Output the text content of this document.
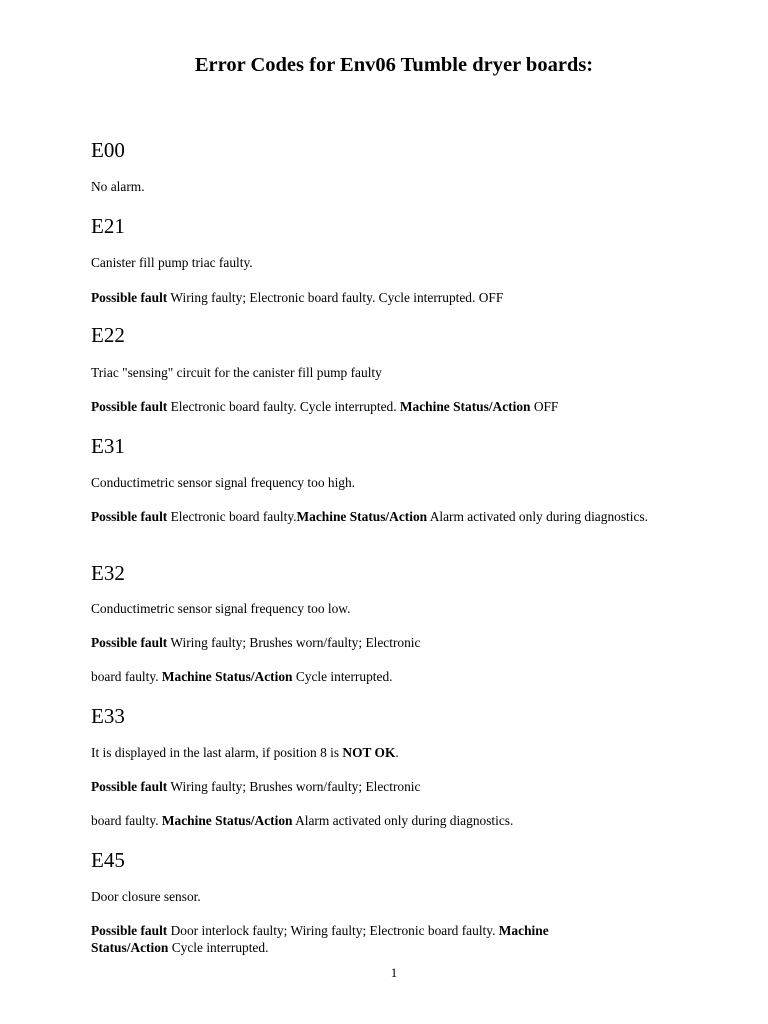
Error Codes for Env06 Tumble dryer boards:
E00

No alarm.

E21

Canister fill pump triac faulty.

Possible fault Wiring faulty; Electronic board faulty. Cycle interrupted. OFF

E22

Triac "sensing" circuit for the canister fill pump faulty

Possible fault Electronic board faulty. Cycle interrupted. Machine Status/Action OFF

E31

Conductimetric sensor signal frequency too high.

Possible fault Electronic board faulty.Machine Status/Action Alarm activated only during diagnostics.

E32

Conductimetric sensor signal frequency too low.

Possible fault Wiring faulty; Brushes worn/faulty; Electronic

board faulty. Machine Status/Action Cycle interrupted.

E33

It is displayed in the last alarm, if position 8 is NOT OK.

Possible fault Wiring faulty; Brushes worn/faulty; Electronic

board faulty. Machine Status/Action Alarm activated only during diagnostics.

E45

Door closure sensor.

Possible fault Door interlock faulty; Wiring faulty; Electronic board faulty. Machine
Status/Action Cycle interrupted.

1
